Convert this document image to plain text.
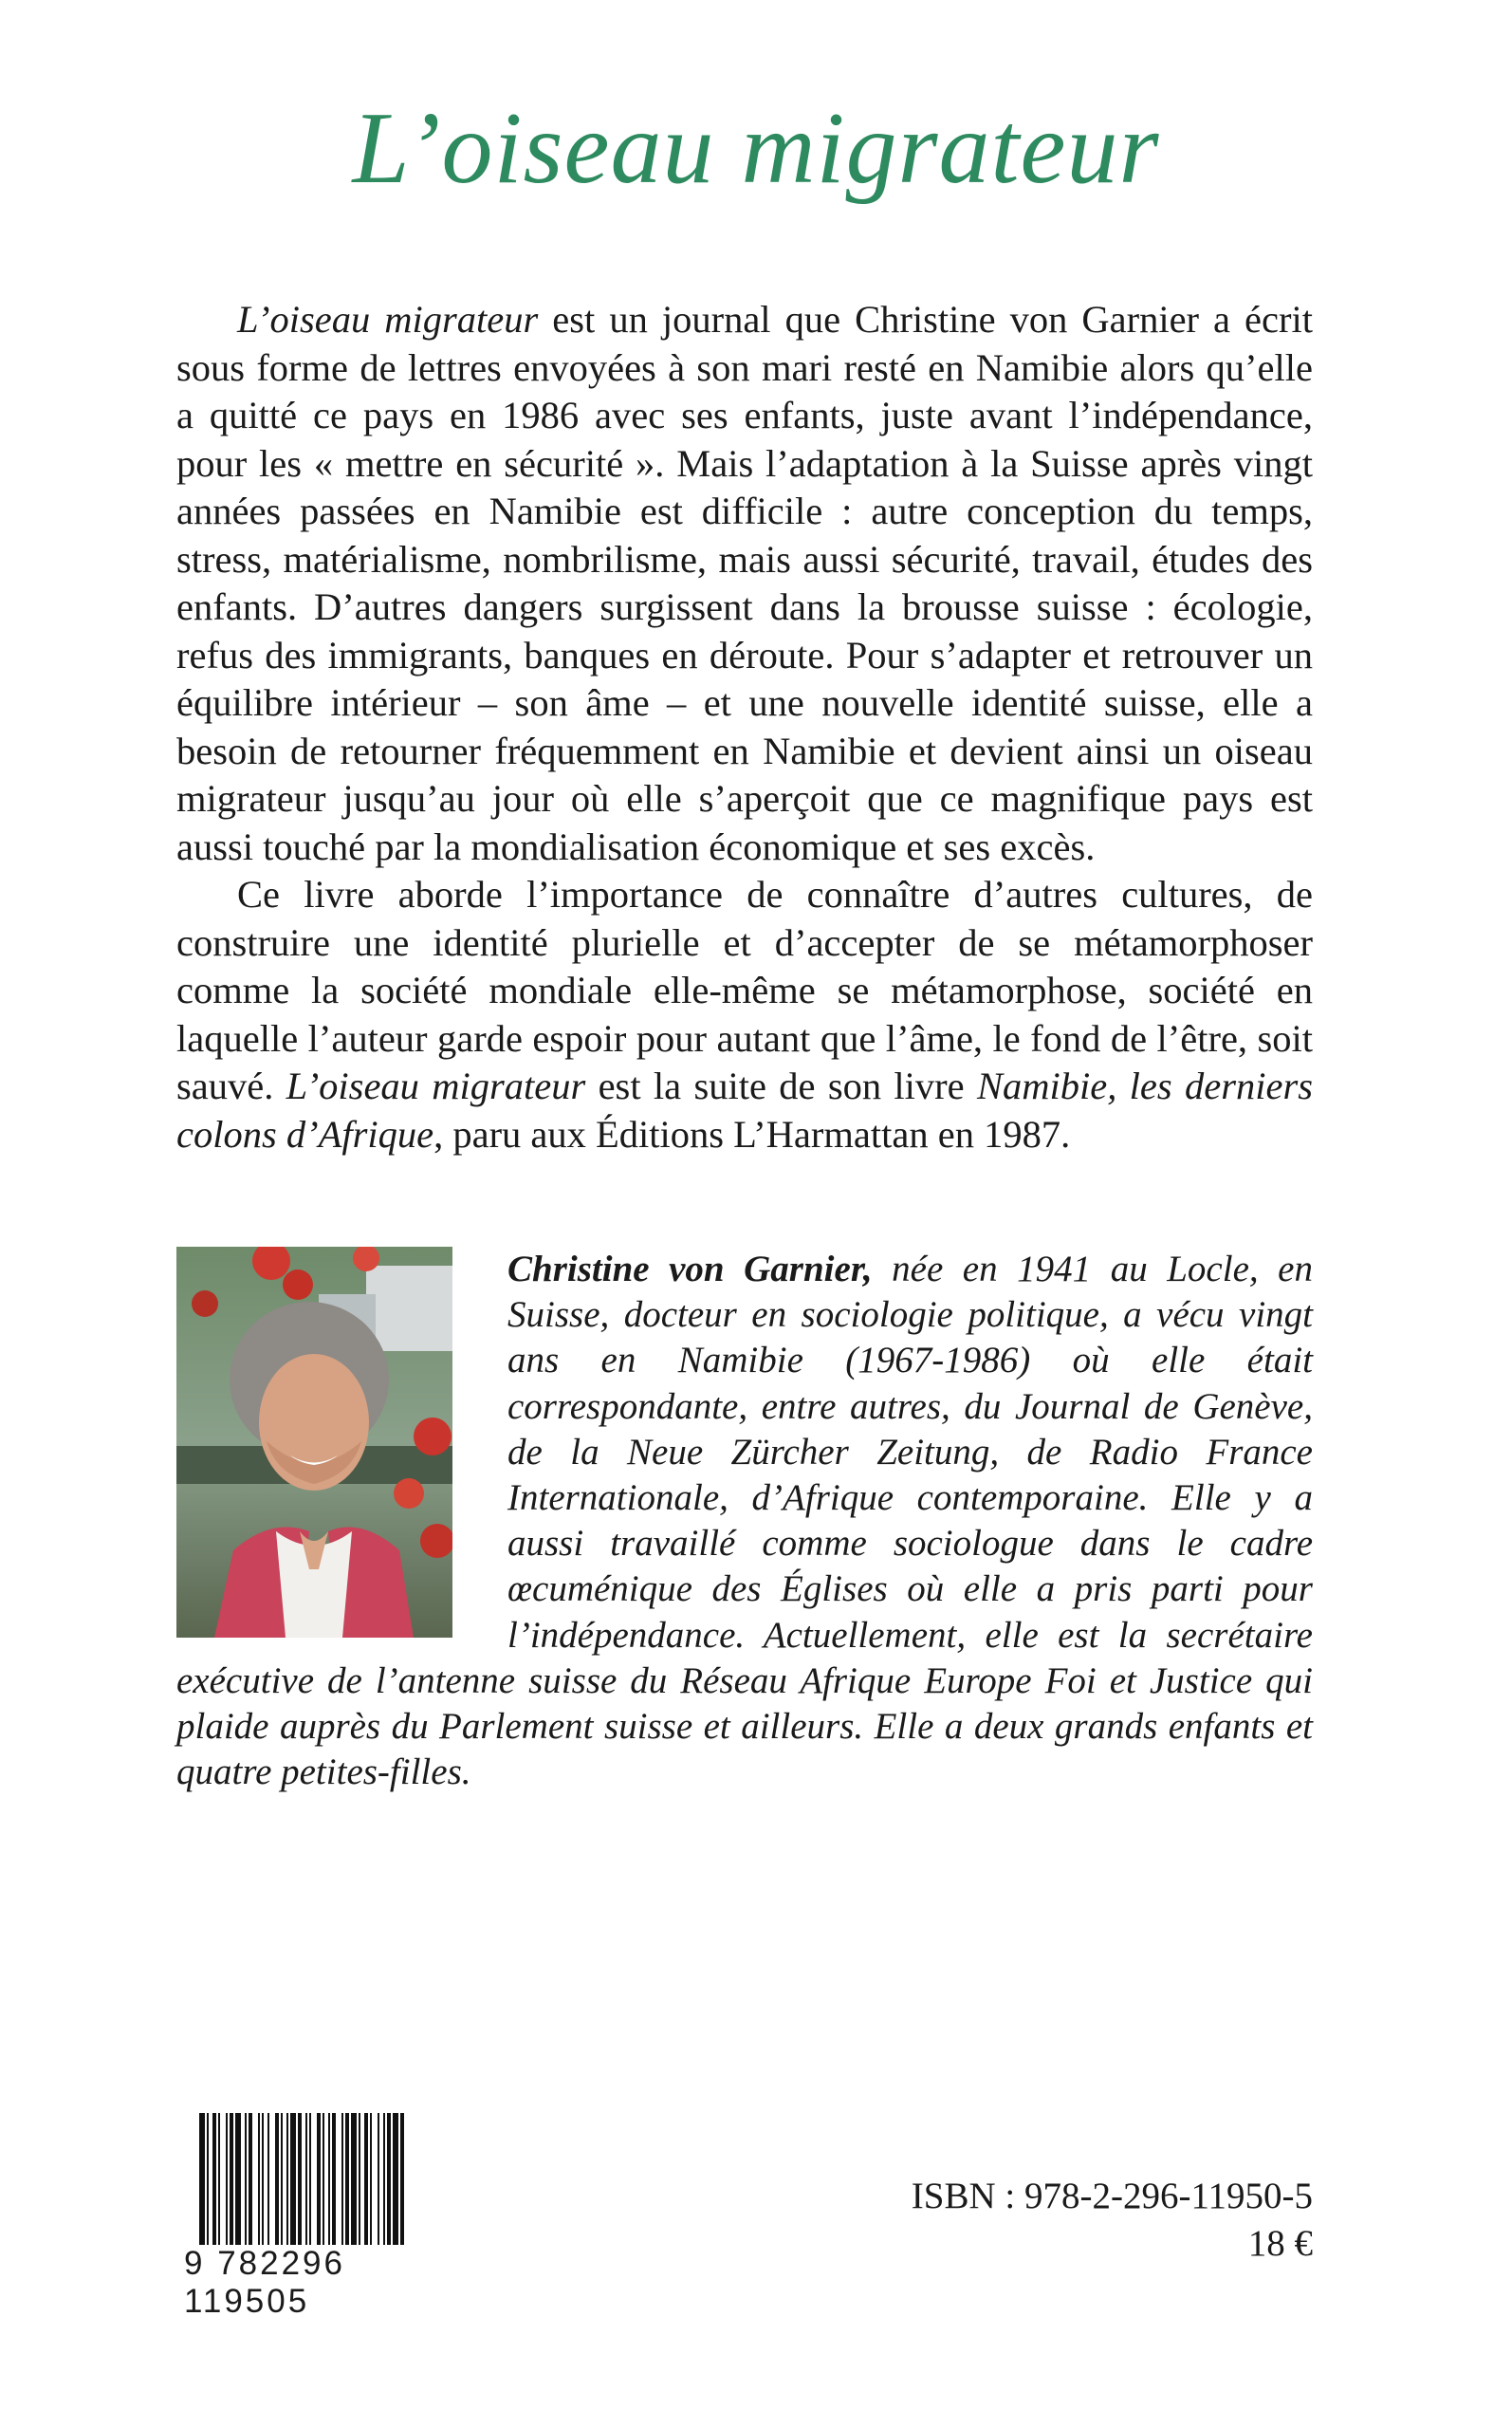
L’oiseau migrateur

L’oiseau migrateur est un journal que Christine von Garnier a écrit sous forme de lettres envoyées à son mari resté en Namibie alors qu’elle a quitté ce pays en 1986 avec ses enfants, juste avant l’indépendance, pour les « mettre en sécurité ». Mais l’adaptation à la Suisse après vingt années passées en Namibie est difficile : autre conception du temps, stress, matérialisme, nombrilisme, mais aussi sécurité, travail, études des enfants. D’autres dangers surgissent dans la brousse suisse : écologie, refus des immigrants, banques en déroute. Pour s’adapter et retrouver un équilibre intérieur – son âme – et une nouvelle identité suisse, elle a besoin de retourner fréquemment en Namibie et devient ainsi un oiseau migrateur jusqu’au jour où elle s’aperçoit que ce magnifique pays est aussi touché par la mondialisation économique et ses excès.

Ce livre aborde l’importance de connaître d’autres cultures, de construire une identité plurielle et d’accepter de se métamorphoser comme la société mondiale elle-même se métamorphose, société en laquelle l’auteur garde espoir pour autant que l’âme, le fond de l’être, soit sauvé. L’oiseau migrateur est la suite de son livre Namibie, les derniers colons d’Afrique, paru aux Éditions L’Harmattan en 1987.

Christine von Garnier, née en 1941 au Locle, en Suisse, docteur en sociologie politique, a vécu vingt ans en Namibie (1967-1986) où elle était correspondante, entre autres, du Journal de Genève, de la Neue Zürcher Zeitung, de Radio France Internationale, d’Afrique contemporaine. Elle y a aussi travaillé comme sociologue dans le cadre œcuménique des Églises où elle a pris parti pour l’indépendance. Actuellement, elle est la secrétaire exécutive de l’antenne suisse du Réseau Afrique Europe Foi et Justice qui plaide auprès du Parlement suisse et ailleurs. Elle a deux grands enfants et quatre petites-filles.

9 782296 119505
ISBN : 978-2-296-11950-5
18 €
